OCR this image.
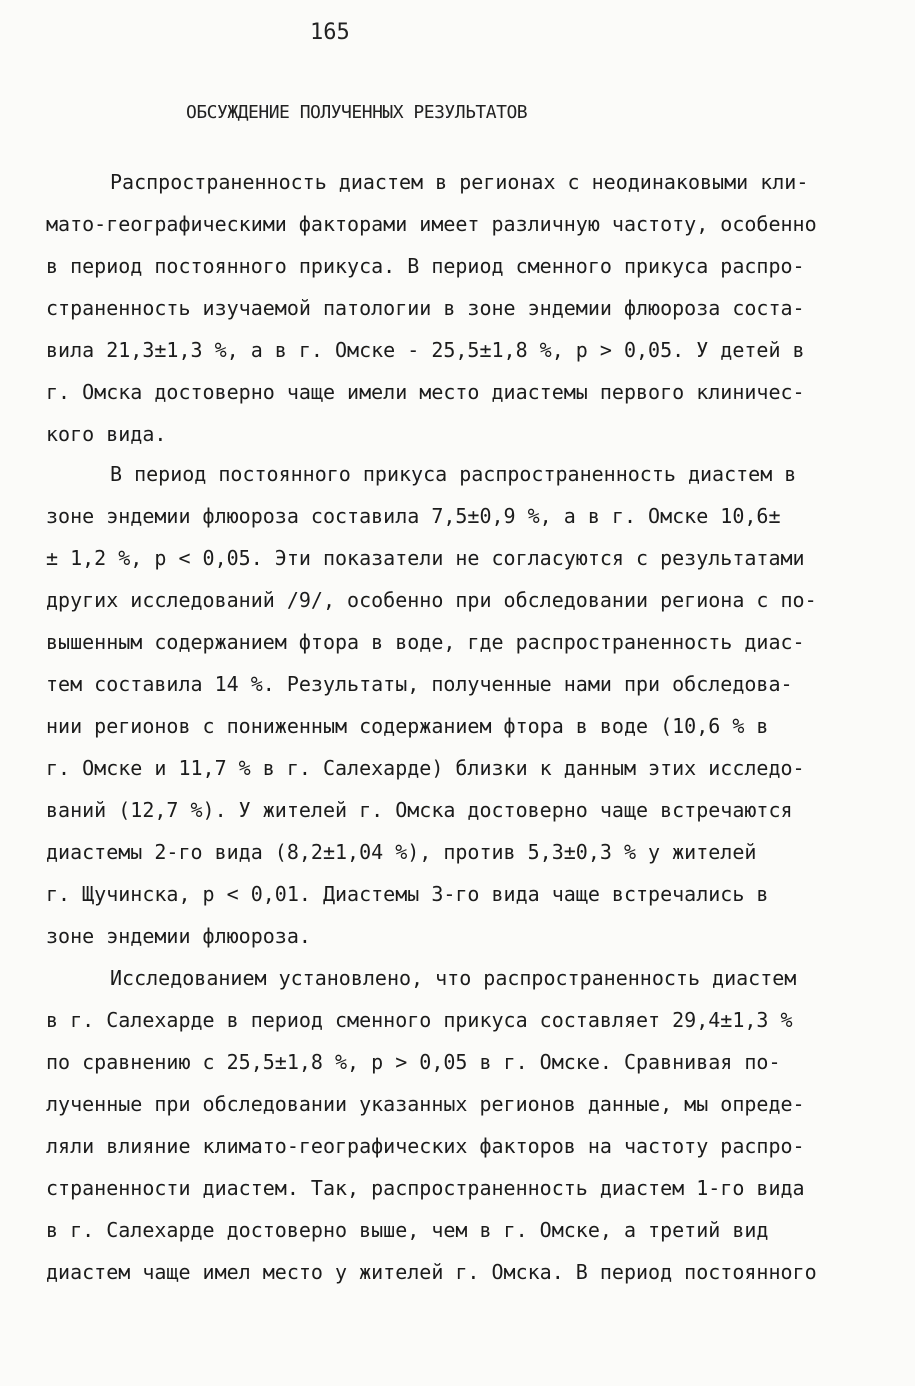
165
ОБСУЖДЕНИЕ ПОЛУЧЕННЫХ РЕЗУЛЬТАТОВ
Распространенность диастем в регионах с неодинаковыми кли-
мато-географическими факторами имеет различную частоту, особенно
в период постоянного прикуса. В период сменного прикуса распро-
страненность изучаемой патологии в зоне эндемии флюороза соста-
вила 21,3±1,3 %, а в г. Омске - 25,5±1,8 %, р > 0,05. У детей в
г. Омска достоверно чаще имели место диастемы первого клиничес-
кого вида.
В период постоянного прикуса распространенность диастем в
зоне эндемии флюороза составила 7,5±0,9 %, а в г. Омске 10,6±
± 1,2 %, р < 0,05. Эти показатели не согласуются с результатами
других исследований /9/, особенно при обследовании региона с по-
вышенным содержанием фтора в воде, где распространенность диас-
тем составила 14 %. Результаты, полученные нами при обследова-
нии регионов с пониженным содержанием фтора в воде (10,6 % в
г. Омске и 11,7 % в г. Салехарде) близки к данным этих исследо-
ваний (12,7 %). У жителей г. Омска достоверно чаще встречаются
диастемы 2-го вида (8,2±1,04 %), против 5,3±0,3 % у жителей
г. Щучинска, р < 0,01. Диастемы 3-го вида чаще встречались в
зоне эндемии флюороза.
Исследованием установлено, что распространенность диастем
в г. Салехарде в период сменного прикуса составляет 29,4±1,3 %
по сравнению с 25,5±1,8 %, р > 0,05 в г. Омске. Сравнивая по-
лученные при обследовании указанных регионов данные, мы опреде-
ляли влияние климато-географических факторов на частоту распро-
страненности диастем. Так, распространенность диастем 1-го вида
в г. Салехарде достоверно выше, чем в г. Омске, а третий вид
диастем чаще имел место у жителей г. Омска. В период постоянного
